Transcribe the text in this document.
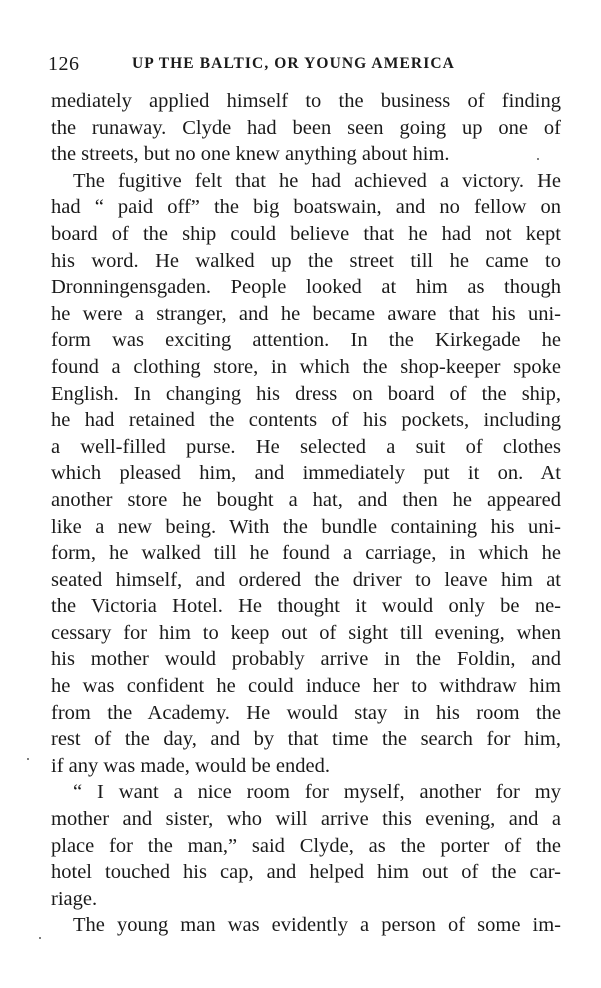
126	UP THE BALTIC, OR YOUNG AMERICA
mediately applied himself to the business of finding
the runaway. Clyde had been seen going up one of
the streets, but no one knew anything about him.
The fugitive felt that he had achieved a victory. He
had “ paid off” the big boatswain, and no fellow on
board of the ship could believe that he had not kept
his word. He walked up the street till he came to
Dronningensgaden. People looked at him as though
he were a stranger, and he became aware that his uni-
form was exciting attention. In the Kirkegade he
found a clothing store, in which the shop-keeper spoke
English. In changing his dress on board of the ship,
he had retained the contents of his pockets, including
a well-filled purse. He selected a suit of clothes
which pleased him, and immediately put it on. At
another store he bought a hat, and then he appeared
like a new being. With the bundle containing his uni-
form, he walked till he found a carriage, in which he
seated himself, and ordered the driver to leave him at
the Victoria Hotel. He thought it would only be ne-
cessary for him to keep out of sight till evening, when
his mother would probably arrive in the Foldin, and
he was confident he could induce her to withdraw him
from the Academy. He would stay in his room the
rest of the day, and by that time the search for him,
if any was made, would be ended.
“ I want a nice room for myself, another for my
mother and sister, who will arrive this evening, and a
place for the man,” said Clyde, as the porter of the
hotel touched his cap, and helped him out of the car-
riage.
The young man was evidently a person of some im-
